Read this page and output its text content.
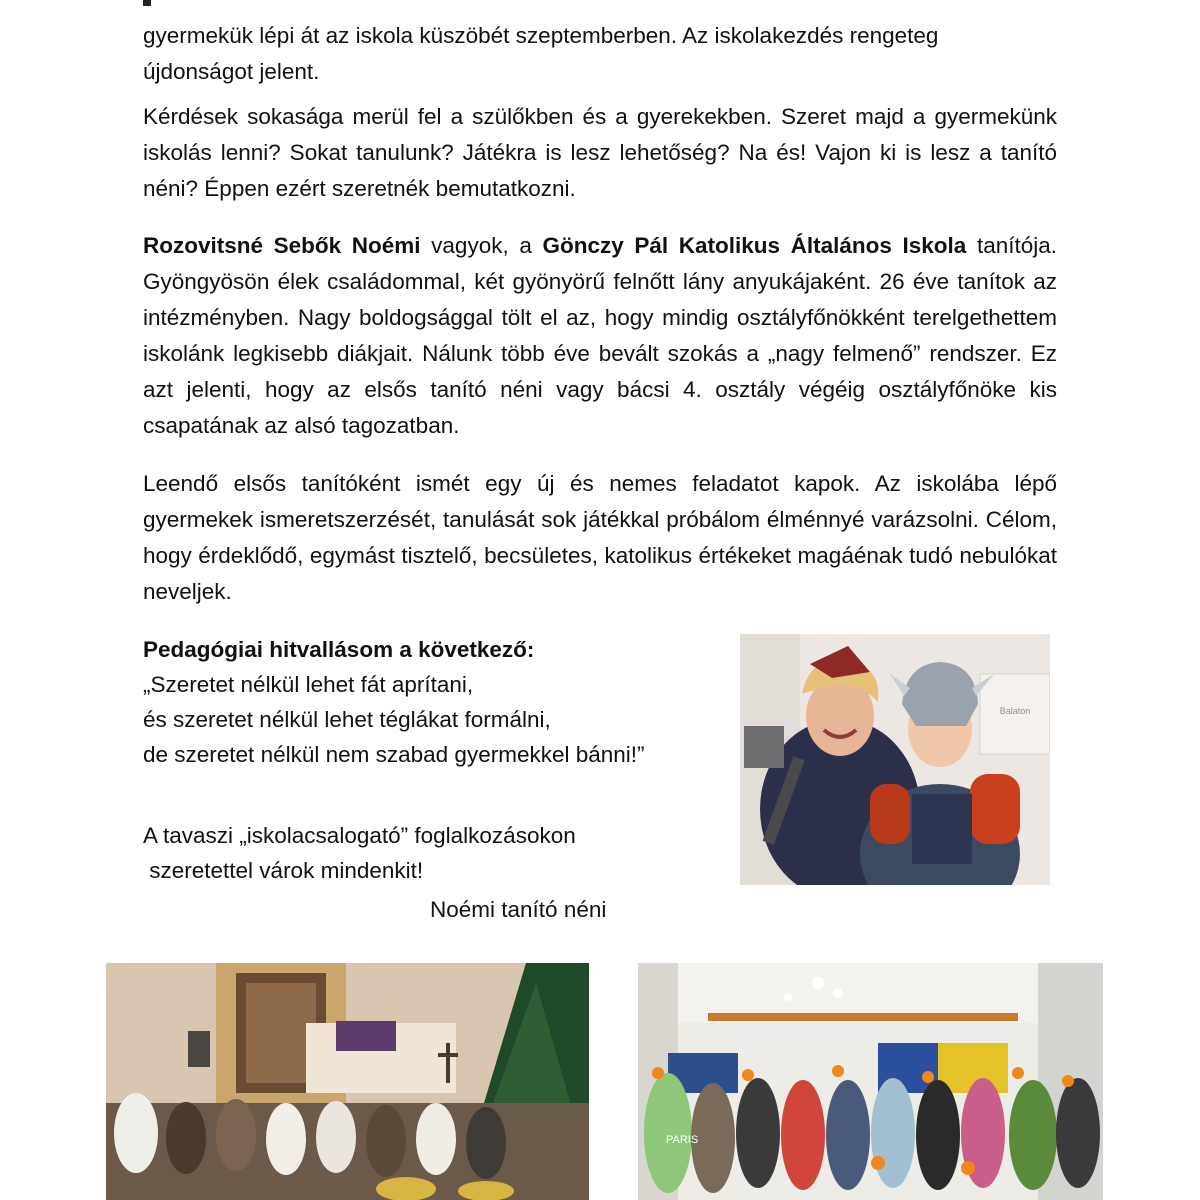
gyermekük lépi át az iskola küszöbét szeptemberben. Az iskolakezdés rengeteg
újdonságot jelent.

Kérdések sokasága merül fel a szülőkben és a gyerekekben. Szeret majd a gyermekünk iskolás lenni? Sokat tanulunk? Játékra is lesz lehetőség? Na és! Vajon ki is lesz a tanító néni? Éppen ezért szeretnék bemutatkozni.

Rozovitsné Sebők Noémi vagyok, a Gönczy Pál Katolikus Általános Iskola tanítója. Gyöngyösön élek családommal, két gyönyörű felnőtt lány anyukájaként. 26 éve tanítok az intézményben. Nagy boldogsággal tölt el az, hogy mindig osztályfőnökként terelgethettem iskolánk legkisebb diákjait. Nálunk több éve bevált szokás a „nagy felmenő” rendszer. Ez azt jelenti, hogy az elsős tanító néni vagy bácsi 4. osztály végéig osztályfőnöke kis csapatának az alsó tagozatban.

Leendő elsős tanítóként ismét egy új és nemes feladatot kapok. Az iskolába lépő gyermekek ismeretszerzését, tanulását sok játékkal próbálom élménnyé varázsolni. Célom, hogy érdeklődő, egymást tisztelő, becsületes, katolikus értékeket magáénak tudó nebulókat neveljek.

Pedagógiai hitvallásom a következő:

„Szeretet nélkül lehet fát aprítani,

és szeretet nélkül lehet téglákat formálni,

de szeretet nélkül nem szabad gyermekkel bánni!”

A tavaszi „iskolacsalogató” foglalkozásokon

szeretettel várok mindenkit!

Noémi tanító néni
Balaton
PARIS
